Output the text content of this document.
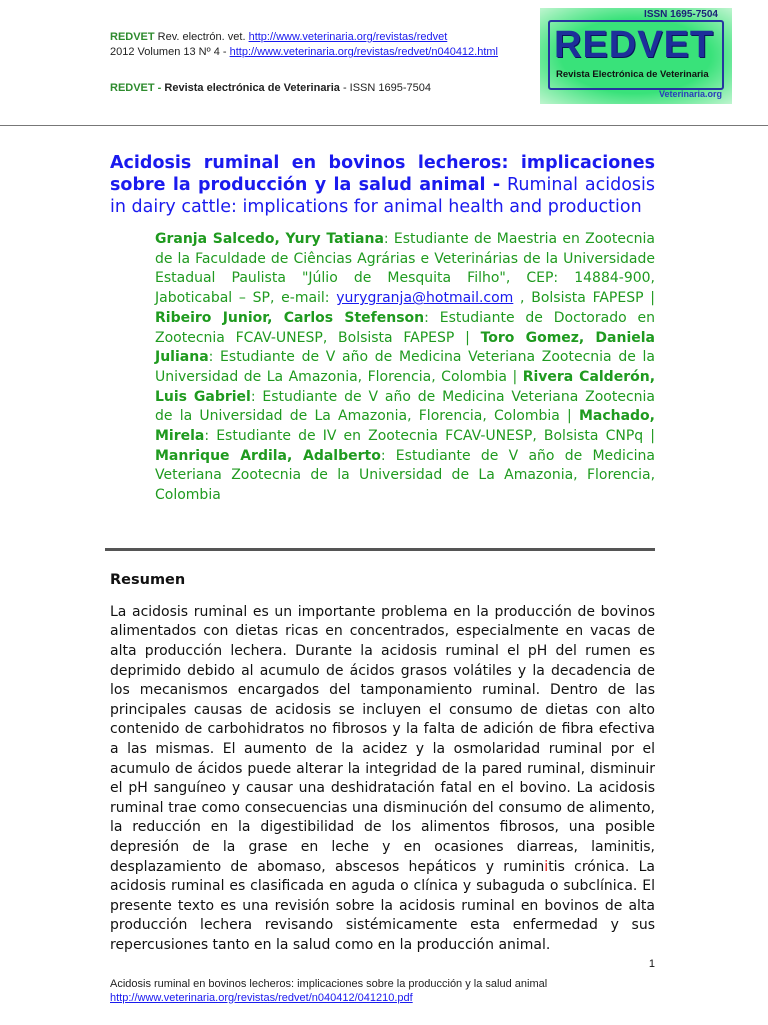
REDVET Rev. electrón. vet. http://www.veterinaria.org/revistas/redvet
2012 Volumen 13 Nº 4 - http://www.veterinaria.org/revistas/redvet/n040412.html
REDVET - Revista electrónica de Veterinaria - ISSN 1695-7504
ISSN 1695-7504
REDVET
Revista Electrónica de Veterinaria
Veterinaria.org
Acidosis ruminal en bovinos lecheros: implicaciones sobre la producción y la salud animal - Ruminal acidosis in dairy cattle: implications for animal health and production
Granja Salcedo, Yury Tatiana: Estudiante de Maestria en Zootecnia de la Faculdade de Ciências Agrárias e Veterinárias de la Universidade Estadual Paulista "Júlio de Mesquita Filho", CEP: 14884-900, Jaboticabal – SP, e-mail: yurygranja@hotmail.com , Bolsista FAPESP | Ribeiro Junior, Carlos Stefenson: Estudiante de Doctorado en Zootecnia FCAV-UNESP, Bolsista FAPESP | Toro Gomez, Daniela Juliana: Estudiante de V año de Medicina Veteriana Zootecnia de la Universidad de La Amazonia, Florencia, Colombia | Rivera Calderón, Luis Gabriel: Estudiante de V año de Medicina Veteriana Zootecnia de la Universidad de La Amazonia, Florencia, Colombia | Machado, Mirela: Estudiante de IV en Zootecnia FCAV-UNESP, Bolsista CNPq | Manrique Ardila, Adalberto: Estudiante de V año de Medicina Veteriana Zootecnia de la Universidad de La Amazonia, Florencia, Colombia
Resumen
La acidosis ruminal es un importante problema en la producción de bovinos alimentados con dietas ricas en concentrados, especialmente en vacas de alta producción lechera. Durante la acidosis ruminal el pH del rumen es deprimido debido al acumulo de ácidos grasos volátiles y la decadencia de los mecanismos encargados del tamponamiento ruminal. Dentro de las principales causas de acidosis se incluyen el consumo de dietas con alto contenido de carbohidratos no fibrosos y la falta de adición de fibra efectiva a las mismas. El aumento de la acidez y la osmolaridad ruminal por el acumulo de ácidos puede alterar la integridad de la pared ruminal, disminuir el pH sanguíneo y causar una deshidratación fatal en el bovino. La acidosis ruminal trae como consecuencias una disminución del consumo de alimento, la reducción en la digestibilidad de los alimentos fibrosos, una posible depresión de la grase en leche y en ocasiones diarreas, laminitis, desplazamiento de abomaso, abscesos hepáticos y ruminitis crónica. La acidosis ruminal es clasificada en aguda o clínica y subaguda o subclínica. El presente texto es una revisión sobre la acidosis ruminal en bovinos de alta producción lechera revisando sistémicamente esta enfermedad y sus repercusiones tanto en la salud como en la producción animal.
1
Acidosis ruminal en bovinos lecheros: implicaciones sobre la producción y la salud animal
http://www.veterinaria.org/revistas/redvet/n040412/041210.pdf
